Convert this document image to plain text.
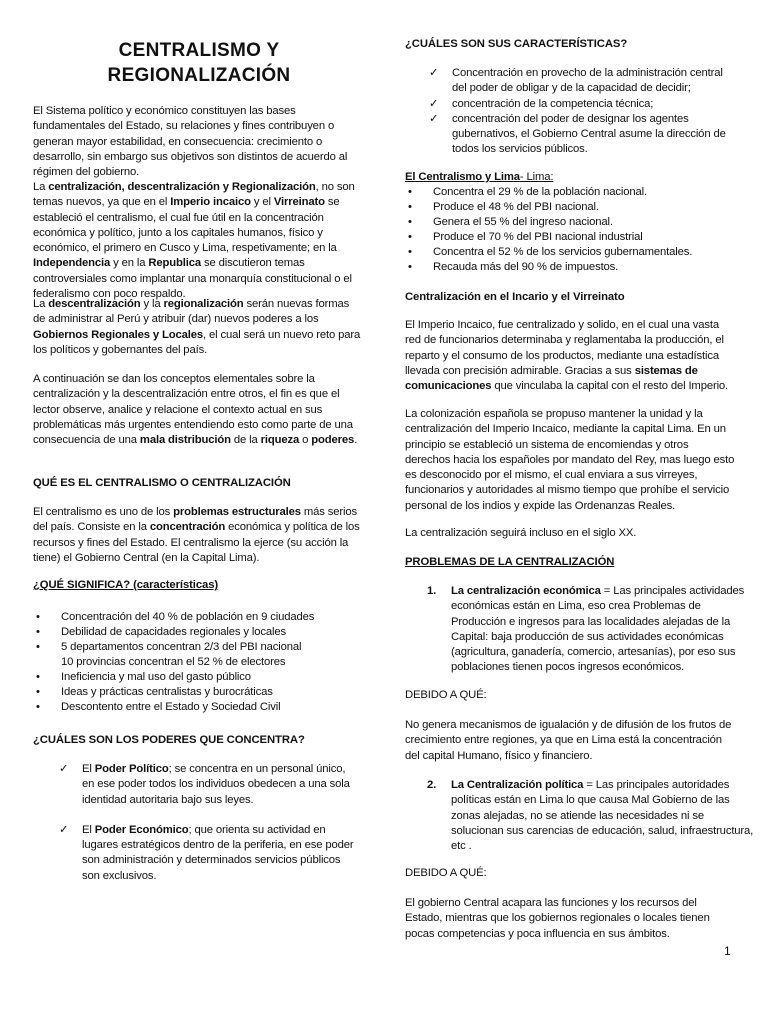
CENTRALISMO Y
REGIONALIZACIÓN
El Sistema político y económico constituyen las bases fundamentales del Estado, su relaciones y fines contribuyen o generan mayor estabilidad, en consecuencia: crecimiento o desarrollo, sin embargo sus objetivos son distintos de acuerdo al régimen del gobierno.
La centralización, descentralización y Regionalización, no son temas nuevos, ya que en el Imperio incaico y el Virreinato se estableció el centralismo, el cual fue útil en la concentración económica y político, junto a los capitales humanos, físico y económico, el primero en Cusco y Lima, respetivamente; en la Independencia y en la Republica se discutieron temas controversiales como implantar una monarquía constitucional o el federalismo con poco respaldo.
La descentralización y la regionalización serán nuevas formas de administrar al Perú y atribuir (dar) nuevos poderes a los Gobiernos Regionales y Locales, el cual será un nuevo reto para los políticos y gobernantes del país.
A continuación se dan los conceptos elementales sobre la centralización y la descentralización entre otros, el fin es que el lector observe, analice y relacione el contexto actual en sus problemáticas más urgentes entendiendo esto como parte de una consecuencia de una mala distribución de la riqueza o poderes.
QUÉ ES EL CENTRALISMO O CENTRALIZACIÓN
El centralismo es uno de los problemas estructurales más serios del país. Consiste en la concentración económica y política de los recursos y fines del Estado. El centralismo la ejerce (su acción la tiene) el Gobierno Central (en la Capital Lima).
¿QUÉ SIGNIFICA? (características)
• Concentración del 40 % de población en 9 ciudades
• Debilidad de capacidades regionales y locales
• 5 departamentos concentran 2/3 del PBI nacional
10 provincias concentran el 52 % de electores
• Ineficiencia y mal uso del gasto público
• Ideas y prácticas centralistas y burocráticas
• Descontento entre el Estado y Sociedad Civil
¿CUÁLES SON LOS PODERES QUE CONCENTRA?
✓ El Poder Político; se concentra en un personal único, en ese poder todos los individuos obedecen a una sola identidad autoritaria bajo sus leyes.
✓ El Poder Económico; que orienta su actividad en lugares estratégicos dentro de la periferia, en ese poder son administración y determinados servicios públicos son exclusivos.
¿CUÁLES SON SUS CARACTERÍSTICAS?
✓ Concentración en provecho de la administración central del poder de obligar y de la capacidad de decidir;
✓ concentración de la competencia técnica;
✓ concentración del poder de designar los agentes gubernativos, el Gobierno Central asume la dirección de todos los servicios públicos.
El Centralismo y Lima- Lima:
• Concentra el 29 % de la población nacional.
• Produce el 48 % del PBI nacional.
• Genera el 55 % del ingreso nacional.
• Produce el 70 % del PBI nacional industrial
• Concentra el 52 % de los servicios gubernamentales.
• Recauda más del 90 % de impuestos.
Centralización en el Incario y el Virreinato
El Imperio Incaico, fue centralizado y solido, en el cual una vasta red de funcionarios determinaba y reglamentaba la producción, el reparto y el consumo de los productos, mediante una estadística llevada con precisión admirable. Gracias a sus sistemas de comunicaciones que vinculaba la capital con el resto del Imperio.
La colonización española se propuso mantener la unidad y la centralización del Imperio Incaico, mediante la capital Lima. En un principio se estableció un sistema de encomiendas y otros derechos hacia los españoles por mandato del Rey, mas luego esto es desconocido por el mismo, el cual enviara a sus virreyes, funcionarios y autoridades al mismo tiempo que prohíbe el servicio personal de los indios y expide las Ordenanzas Reales.
La centralización seguirá incluso en el siglo XX.
PROBLEMAS DE LA CENTRALIZACIÓN
1. La centralización económica = Las principales actividades económicas están en Lima, eso crea Problemas de Producción e ingresos para las localidades alejadas de la Capital: baja producción de sus actividades económicas (agricultura, ganadería, comercio, artesanías), por eso sus poblaciones tienen pocos ingresos económicos.
DEBIDO A QUÉ:
No genera mecanismos de igualación y de difusión de los frutos de crecimiento entre regiones, ya que en Lima está la concentración del capital Humano, físico y financiero.
2. La Centralización política = Las principales autoridades políticas están en Lima lo que causa Mal Gobierno de las zonas alejadas, no se atiende las necesidades ni se solucionan sus carencias de educación, salud, infraestructura, etc .
DEBIDO A QUÉ:
El gobierno Central acapara las funciones y los recursos del Estado, mientras que los gobiernos regionales o locales tienen pocas competencias y poca influencia en sus ámbitos.
1
